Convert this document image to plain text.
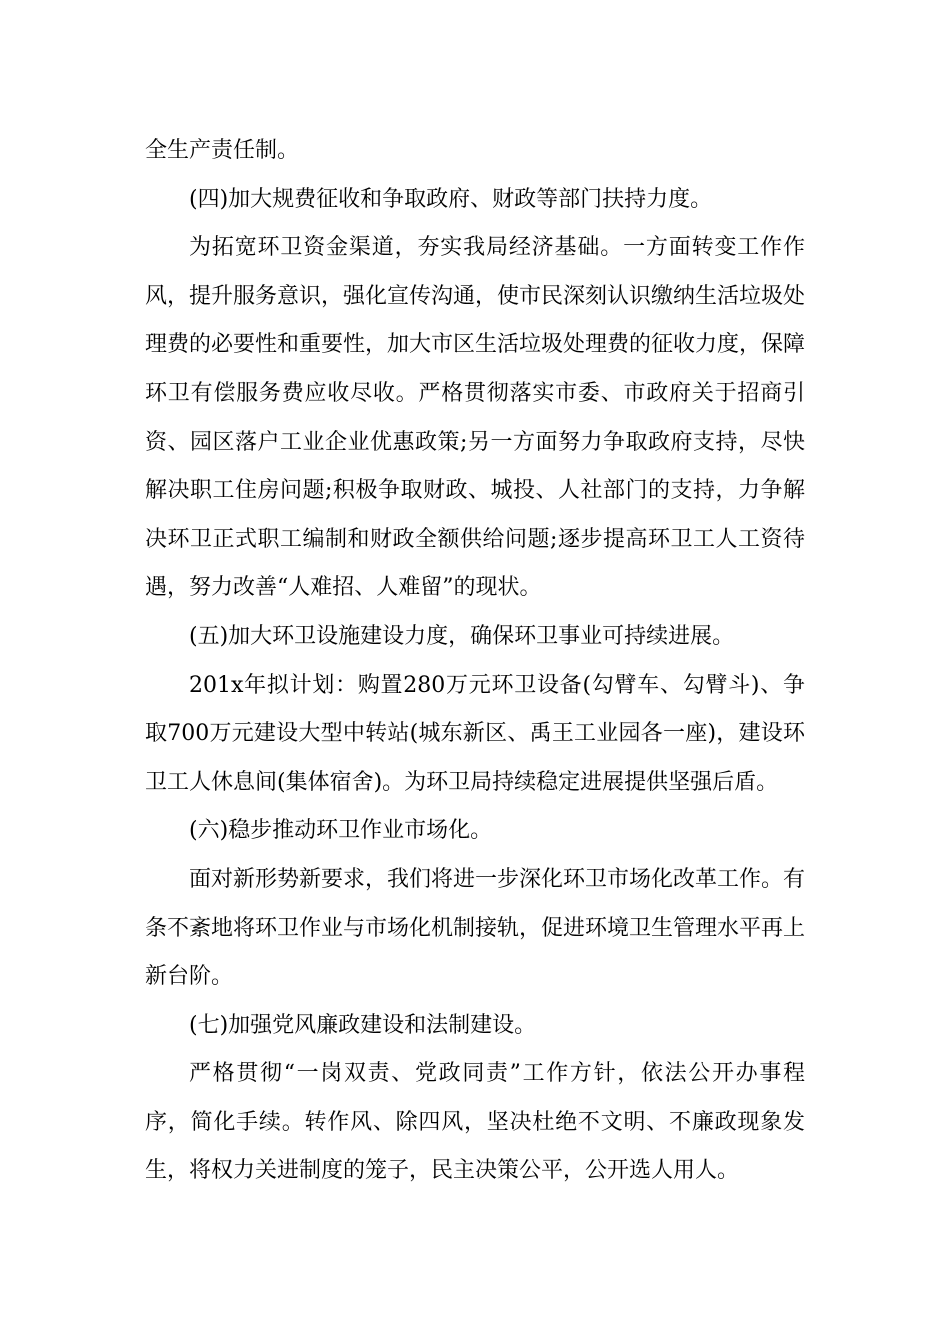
全生产责任制。

(四)加大规费征收和争取政府、财政等部门扶持力度。

为拓宽环卫资金渠道，夯实我局经济基础。一方面转变工作作风，提升服务意识，强化宣传沟通，使市民深刻认识缴纳生活垃圾处理费的必要性和重要性，加大市区生活垃圾处理费的征收力度，保障环卫有偿服务费应收尽收。严格贯彻落实市委、市政府关于招商引资、园区落户工业企业优惠政策;另一方面努力争取政府支持，尽快解决职工住房问题;积极争取财政、城投、人社部门的支持，力争解决环卫正式职工编制和财政全额供给问题;逐步提高环卫工人工资待遇，努力改善“人难招、人难留”的现状。

(五)加大环卫设施建设力度，确保环卫事业可持续进展。

201x年拟计划：购置280万元环卫设备(勾臂车、勾臂斗)、争取700万元建设大型中转站(城东新区、禹王工业园各一座)，建设环卫工人休息间(集体宿舍)。为环卫局持续稳定进展提供坚强后盾。

(六)稳步推动环卫作业市场化。

面对新形势新要求，我们将进一步深化环卫市场化改革工作。有条不紊地将环卫作业与市场化机制接轨，促进环境卫生管理水平再上新台阶。

(七)加强党风廉政建设和法制建设。

严格贯彻“一岗双责、党政同责”工作方针，依法公开办事程序，简化手续。转作风、除四风，坚决杜绝不文明、不廉政现象发生，将权力关进制度的笼子，民主决策公平，公开选人用人。
